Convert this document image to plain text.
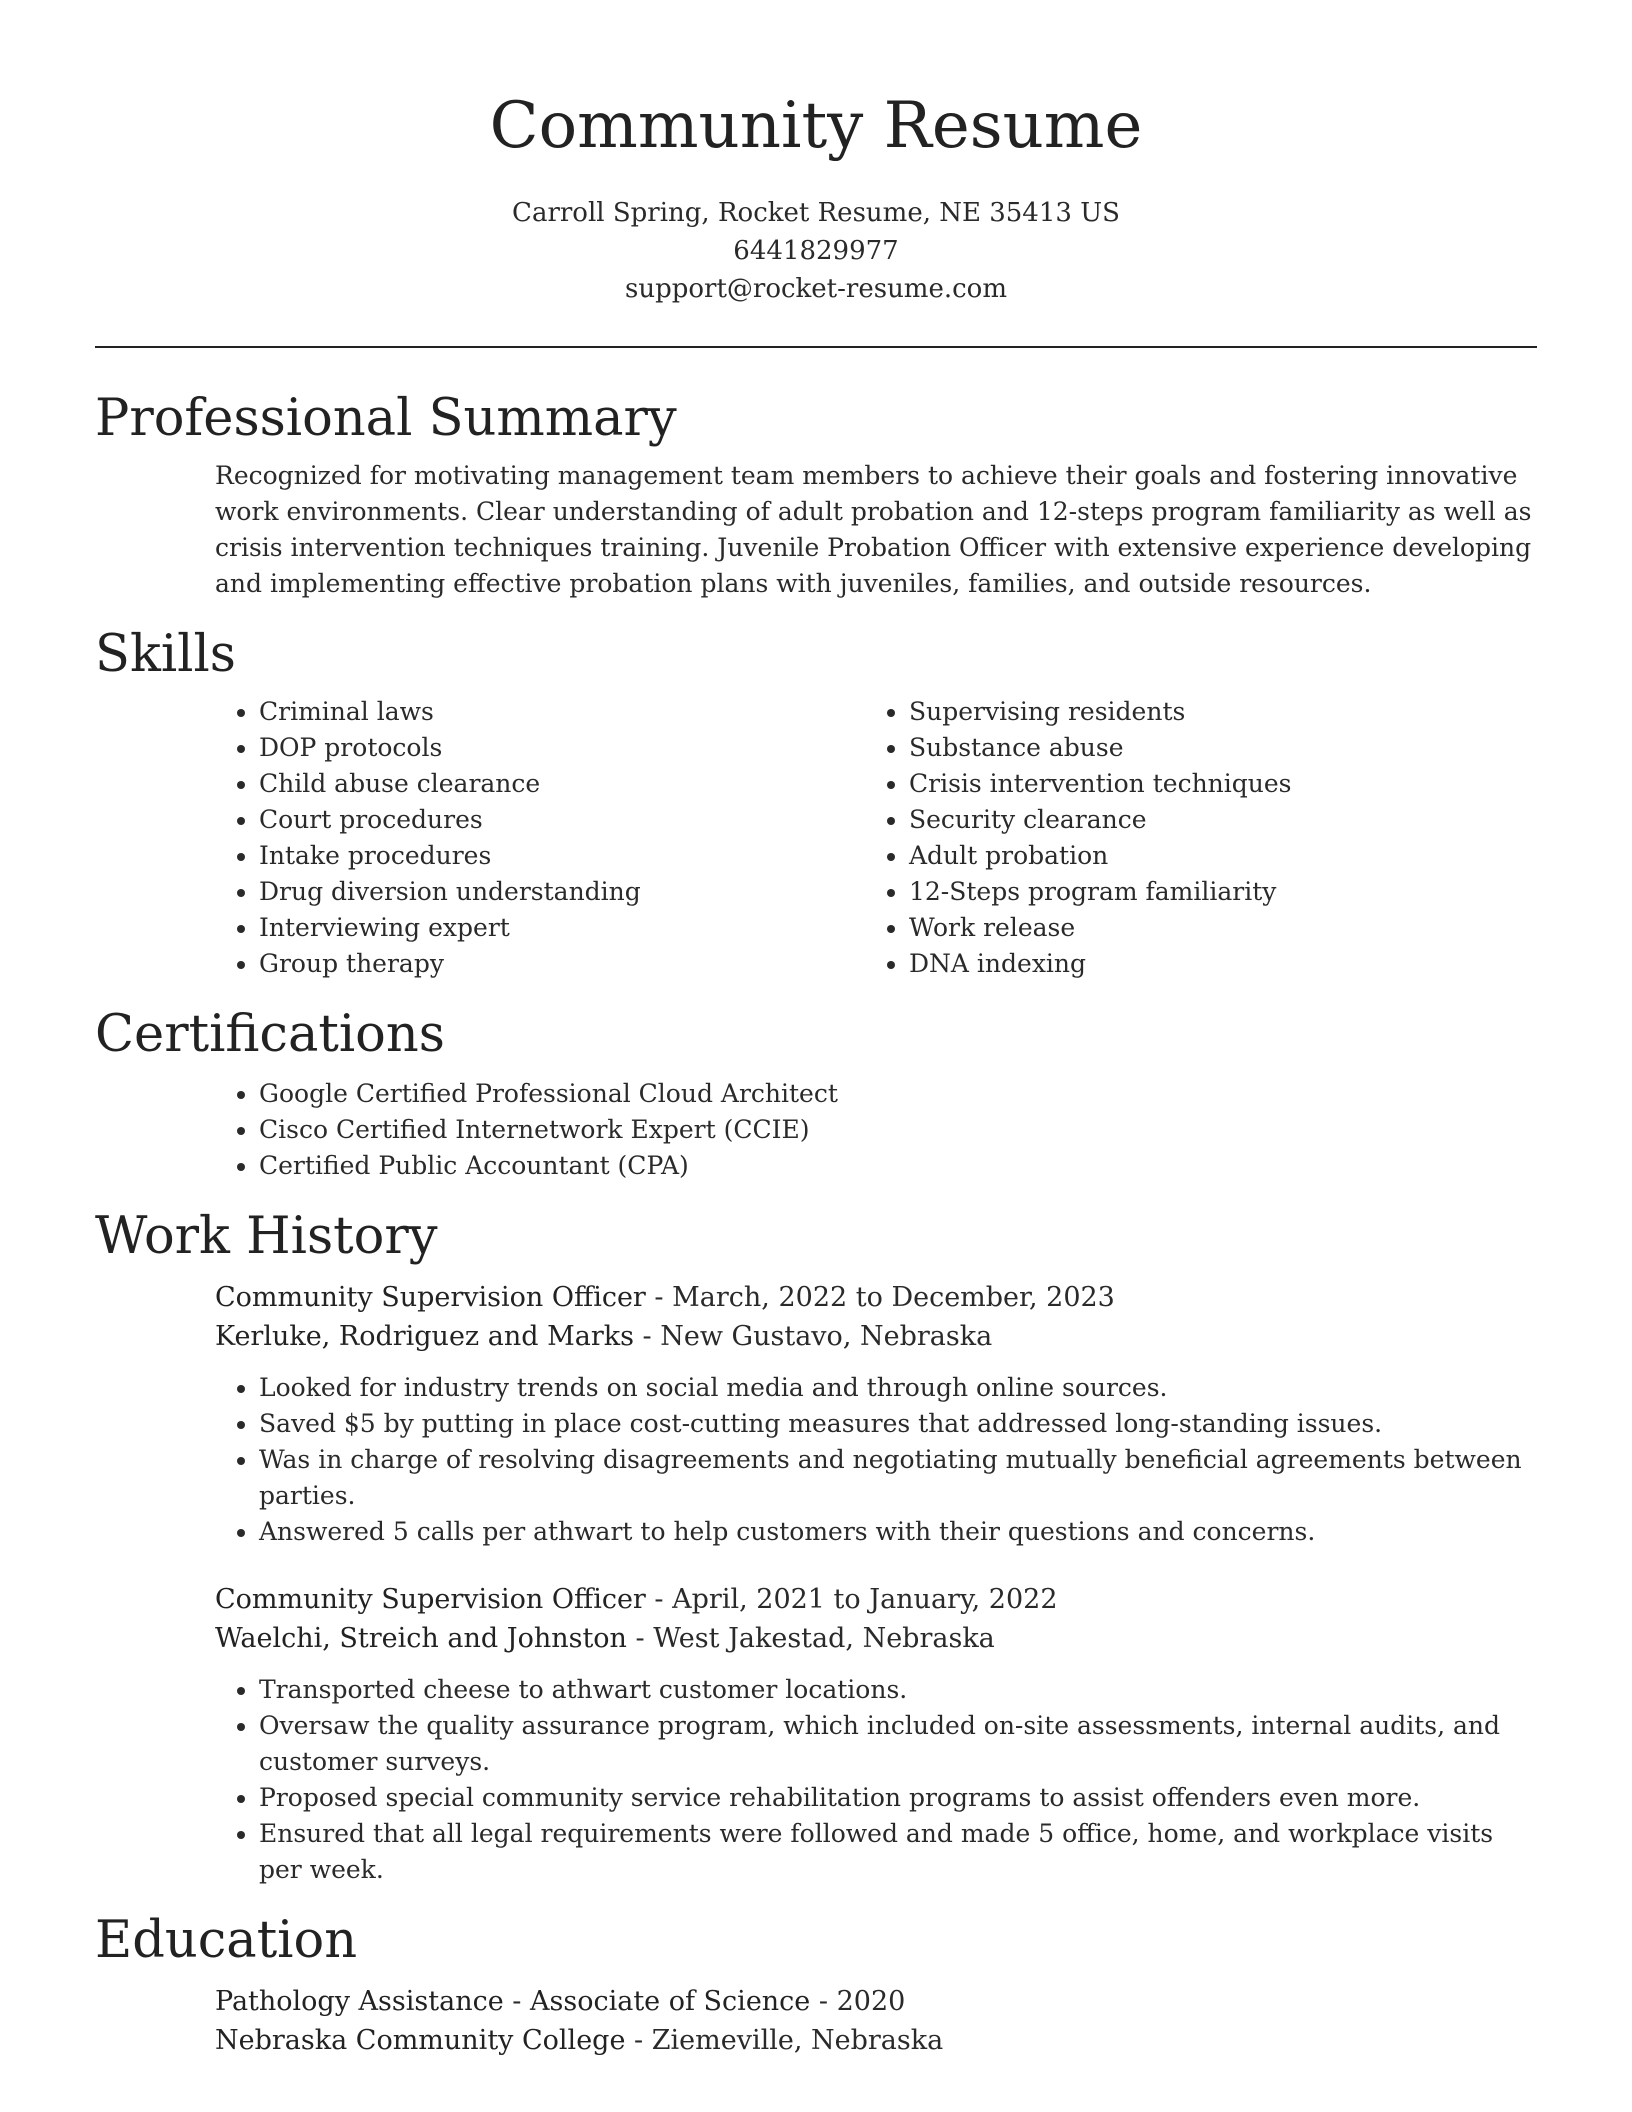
Community Resume
Carroll Spring, Rocket Resume, NE 35413 US
6441829977
support@rocket-resume.com
Professional Summary

Recognized for motivating management team members to achieve their goals and fostering innovative work environments. Clear understanding of adult probation and 12-steps program familiarity as well as crisis intervention techniques training. Juvenile Probation Officer with extensive experience developing and implementing effective probation plans with juveniles, families, and outside resources.

Skills
• Criminal laws
• DOP protocols
• Child abuse clearance
• Court procedures
• Intake procedures
• Drug diversion understanding
• Interviewing expert
• Group therapy
• Supervising residents
• Substance abuse
• Crisis intervention techniques
• Security clearance
• Adult probation
• 12-Steps program familiarity
• Work release
• DNA indexing
Certifications
• Google Certified Professional Cloud Architect
• Cisco Certified Internetwork Expert (CCIE)
• Certified Public Accountant (CPA)
Work History
Community Supervision Officer - March, 2022 to December, 2023
Kerluke, Rodriguez and Marks - New Gustavo, Nebraska
• Looked for industry trends on social media and through online sources.
• Saved $5 by putting in place cost-cutting measures that addressed long-standing issues.
• Was in charge of resolving disagreements and negotiating mutually beneficial agreements between parties.
• Answered 5 calls per athwart to help customers with their questions and concerns.
Community Supervision Officer - April, 2021 to January, 2022
Waelchi, Streich and Johnston - West Jakestad, Nebraska
• Transported cheese to athwart customer locations.
• Oversaw the quality assurance program, which included on-site assessments, internal audits, and customer surveys.
• Proposed special community service rehabilitation programs to assist offenders even more.
• Ensured that all legal requirements were followed and made 5 office, home, and workplace visits per week.
Education
Pathology Assistance - Associate of Science - 2020
Nebraska Community College - Ziemeville, Nebraska
